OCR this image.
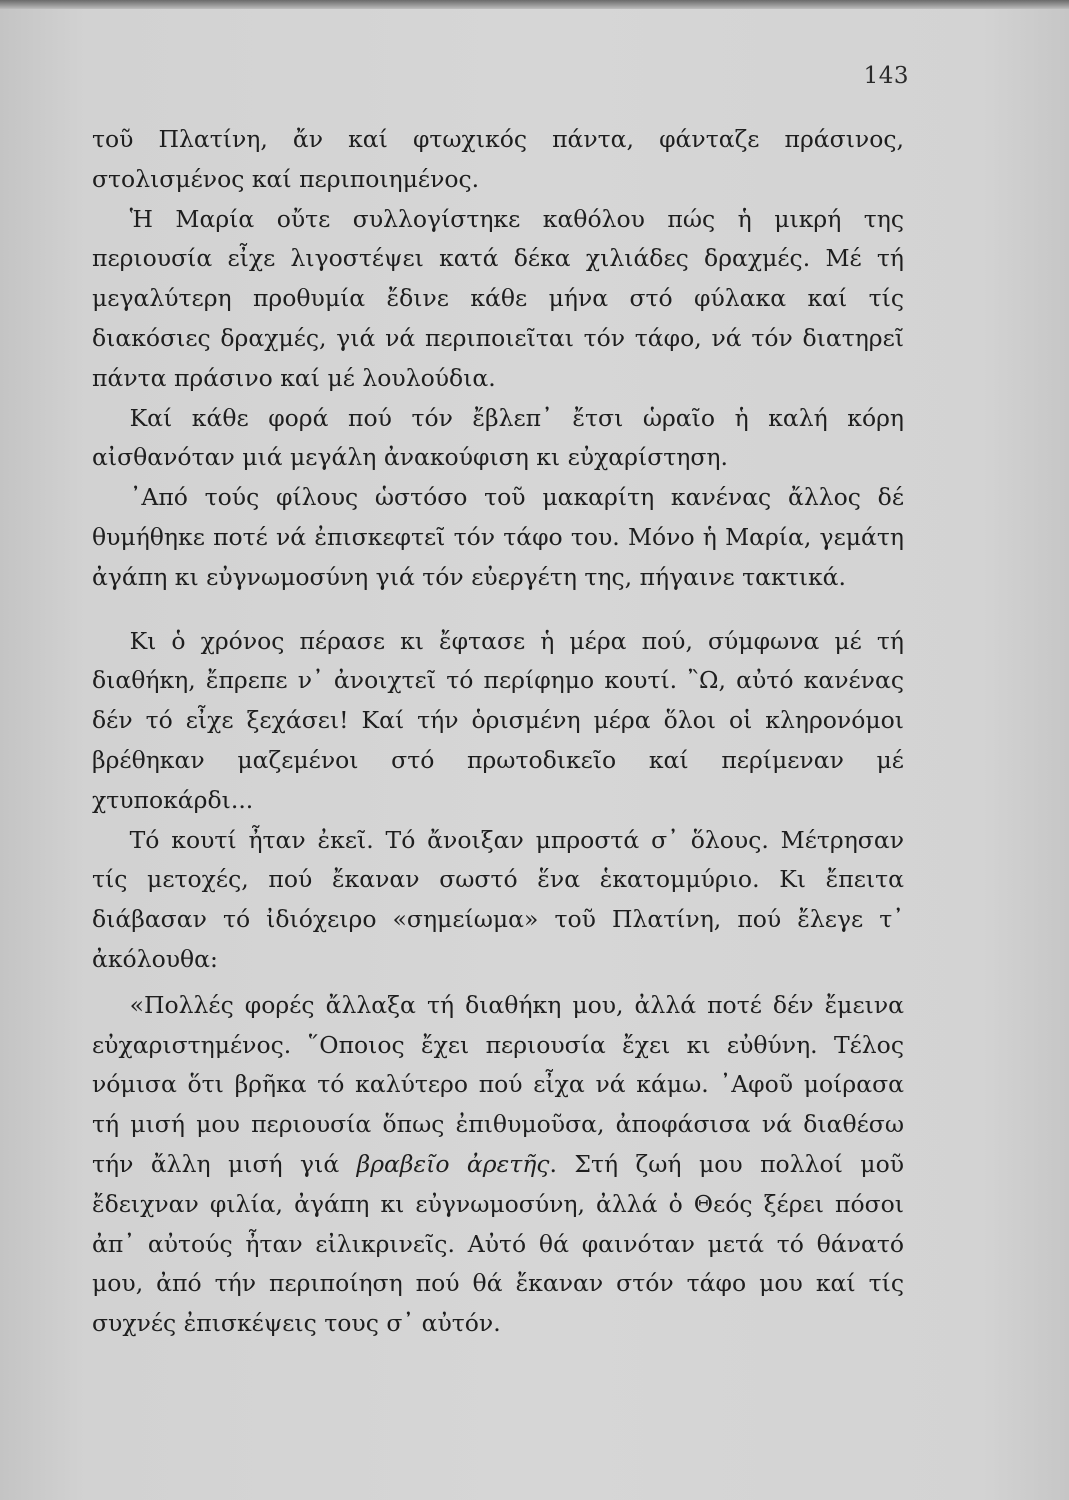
143

τοῦ Πλατίνη, ἄν καί φτωχικός πάντα, φάνταζε πράσινος, στολισμένος καί περιποιημένος.

Ἡ Μαρία οὔτε συλλογίστηκε καθόλου πώς ἡ μικρή της περιουσία εἶχε λιγοστέψει κατά δέκα χιλιάδες δραχμές. Μέ τή μεγαλύτερη προθυμία ἔδινε κάθε μήνα στό φύλακα καί τίς διακόσιες δραχμές, γιά νά περιποιεῖται τόν τάφο, νά τόν διατηρεῖ πάντα πράσινο καί μέ λουλούδια.

Καί κάθε φορά πού τόν ἔβλεπ᾿ ἔτσι ὡραῖο ἡ καλή κόρη αἰσθανόταν μιά μεγάλη ἀνακούφιση κι εὐχαρίστηση.

᾿Από τούς φίλους ὡστόσο τοῦ μακαρίτη κανένας ἄλλος δέ θυμήθηκε ποτέ νά ἐπισκεφτεῖ τόν τάφο του. Μόνο ἡ Μαρία, γεμάτη ἀγάπη κι εὐγνωμοσύνη γιά τόν εὐεργέτη της, πήγαινε τακτικά.

Κι ὁ χρόνος πέρασε κι ἔφτασε ἡ μέρα πού, σύμφωνα μέ τή διαθήκη, ἔπρεπε ν᾿ ἀνοιχτεῖ τό περίφημο κουτί. ῍Ω, αὐτό κανένας δέν τό εἶχε ξεχάσει! Καί τήν ὁρισμένη μέρα ὅλοι οἱ κληρονόμοι βρέθηκαν μαζεμένοι στό πρωτοδικεῖο καί περίμεναν μέ χτυποκάρδι...

Τό κουτί ἦταν ἐκεῖ. Τό ἄνοιξαν μπροστά σ᾿ ὅλους. Μέτρησαν τίς μετοχές, πού ἔκαναν σωστό ἕνα ἑκατομμύριο. Κι ἔπειτα διάβασαν τό ἰδιόχειρο «σημείωμα» τοῦ Πλατίνη, πού ἔλεγε τ᾿ ἀκόλουθα:

«Πολλές φορές ἄλλαξα τή διαθήκη μου, ἀλλά ποτέ δέν ἔμεινα εὐχαριστημένος. ῞Οποιος ἔχει περιουσία ἔχει κι εὐθύνη. Τέλος νόμισα ὅτι βρῆκα τό καλύτερο πού εἶχα νά κάμω. ᾿Αφοῦ μοίρασα τή μισή μου περιουσία ὅπως ἐπιθυμοῦσα, ἀποφάσισα νά διαθέσω τήν ἄλλη μισή γιά βραβεῖο ἀρετῆς. Στή ζωή μου πολλοί μοῦ ἔδειχναν φιλία, ἀγάπη κι εὐγνωμοσύνη, ἀλλά ὁ Θεός ξέρει πόσοι ἀπ᾿ αὐτούς ἦταν εἰλικρινεῖς. Αὐτό θά φαινόταν μετά τό θάνατό μου, ἀπό τήν περιποίηση πού θά ἔκαναν στόν τάφο μου καί τίς συχνές ἐπισκέψεις τους σ᾿ αὐτόν.
